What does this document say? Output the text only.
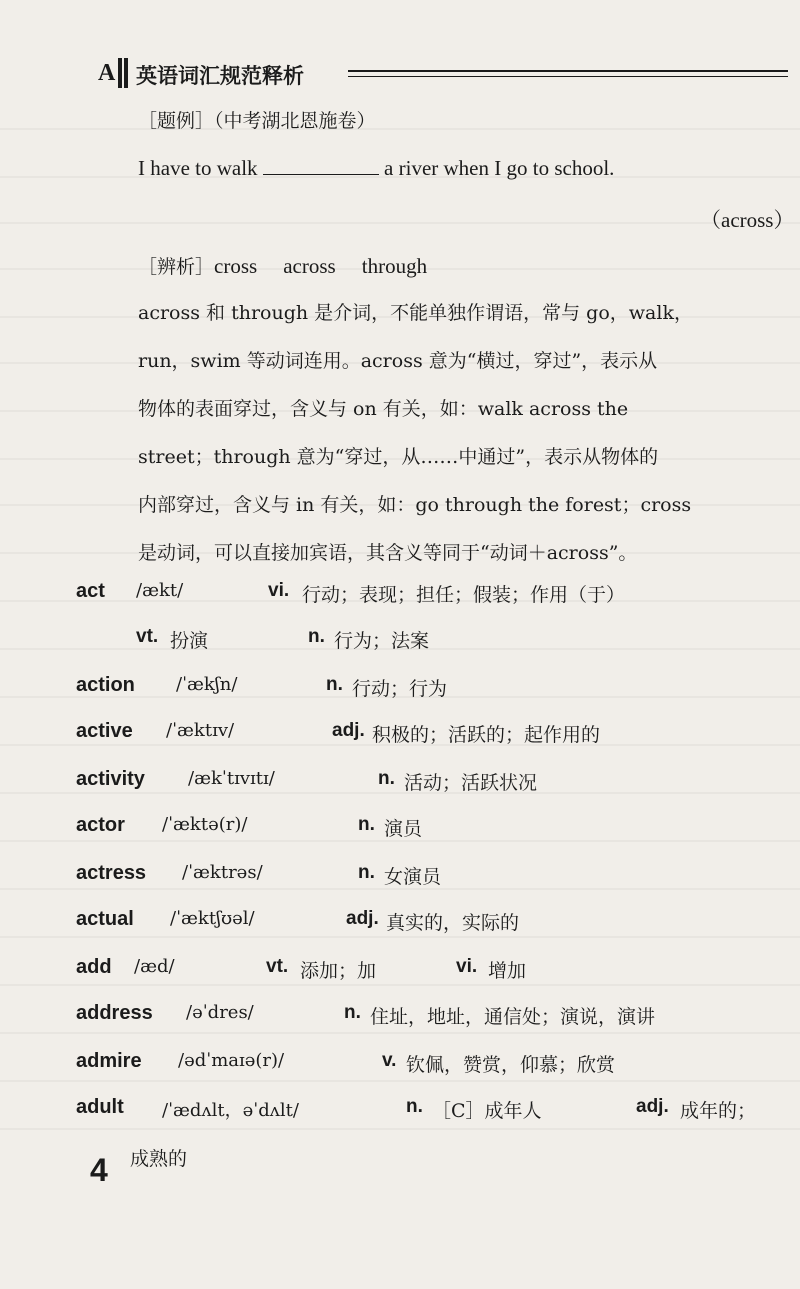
A 英语词汇规范释析
［题例］（中考湖北恩施卷）
I have to walk	a river when I go to school.
（across）
［辨析］cross across through
across 和 through 是介词，不能单独作谓语，常与 go，walk，
run，swim 等动词连用。across 意为“横过，穿过”，表示从
物体的表面穿过，含义与 on 有关，如：walk across the
street；through 意为“穿过，从……中通过”，表示从物体的
内部穿过，含义与 in 有关，如：go through the forest；cross
是动词，可以直接加宾语，其含义等同于“动词＋across”。
act /ækt/	vi. 行动；表现；担任；假装；作用（于）
vt. 扮演	n. 行为；法案
action /ˈækʃn/	n. 行动；行为
active /ˈæktɪv/	adj. 积极的；活跃的；起作用的
activity /ækˈtɪvɪtɪ/	n. 活动；活跃状况
actor /ˈæktə(r)/	n. 演员
actress /ˈæktrəs/	n. 女演员
actual /ˈæktʃʊəl/	adj. 真实的，实际的
add /æd/	vt. 添加；加	vi. 增加
address /əˈdres/	n. 住址，地址，通信处；演说，演讲
admire /ədˈmaɪə(r)/	v. 钦佩，赞赏，仰慕；欣赏
adult /ˈædʌlt，əˈdʌlt/	n. ［C］成年人	adj. 成年的；
成熟的
4
